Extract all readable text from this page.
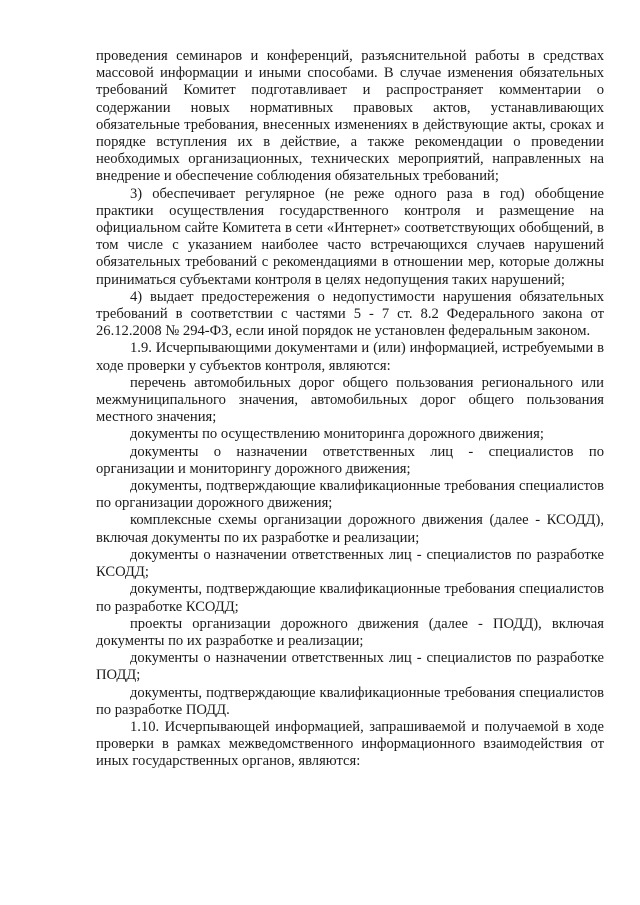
проведения семинаров и конференций, разъяснительной работы в средствах массовой информации и иными способами. В случае изменения обязательных требований Комитет подготавливает и распространяет комментарии о содержании новых нормативных правовых актов, устанавливающих обязательные требования, внесенных изменениях в действующие акты, сроках и порядке вступления их в действие, а также рекомендации о проведении необходимых организационных, технических мероприятий, направленных на внедрение и обеспечение соблюдения обязательных требований;

3) обеспечивает регулярное (не реже одного раза в год) обобщение практики осуществления государственного контроля и размещение на официальном сайте Комитета в сети «Интернет» соответствующих обобщений, в том числе с указанием наиболее часто встречающихся случаев нарушений обязательных требований с рекомендациями в отношении мер, которые должны приниматься субъектами контроля в целях недопущения таких нарушений;

4) выдает предостережения о недопустимости нарушения обязательных требований в соответствии с частями 5 - 7 ст. 8.2 Федерального закона от 26.12.2008 № 294-ФЗ, если иной порядок не установлен федеральным законом.

1.9. Исчерпывающими документами и (или) информацией, истребуемыми в ходе проверки у субъектов контроля, являются:

перечень автомобильных дорог общего пользования регионального или межмуниципального значения, автомобильных дорог общего пользования местного значения;

документы по осуществлению мониторинга дорожного движения;

документы о назначении ответственных лиц - специалистов по организации и мониторингу дорожного движения;

документы, подтверждающие квалификационные требования специалистов по организации дорожного движения;

комплексные схемы организации дорожного движения (далее - КСОДД), включая документы по их разработке и реализации;

документы о назначении ответственных лиц - специалистов по разработке КСОДД;

документы, подтверждающие квалификационные требования специалистов по разработке КСОДД;

проекты организации дорожного движения (далее - ПОДД), включая документы по их разработке и реализации;

документы о назначении ответственных лиц - специалистов по разработке ПОДД;

документы, подтверждающие квалификационные требования специалистов по разработке ПОДД.

1.10. Исчерпывающей информацией, запрашиваемой и получаемой в ходе проверки в рамках межведомственного информационного взаимодействия от иных государственных органов, являются:
